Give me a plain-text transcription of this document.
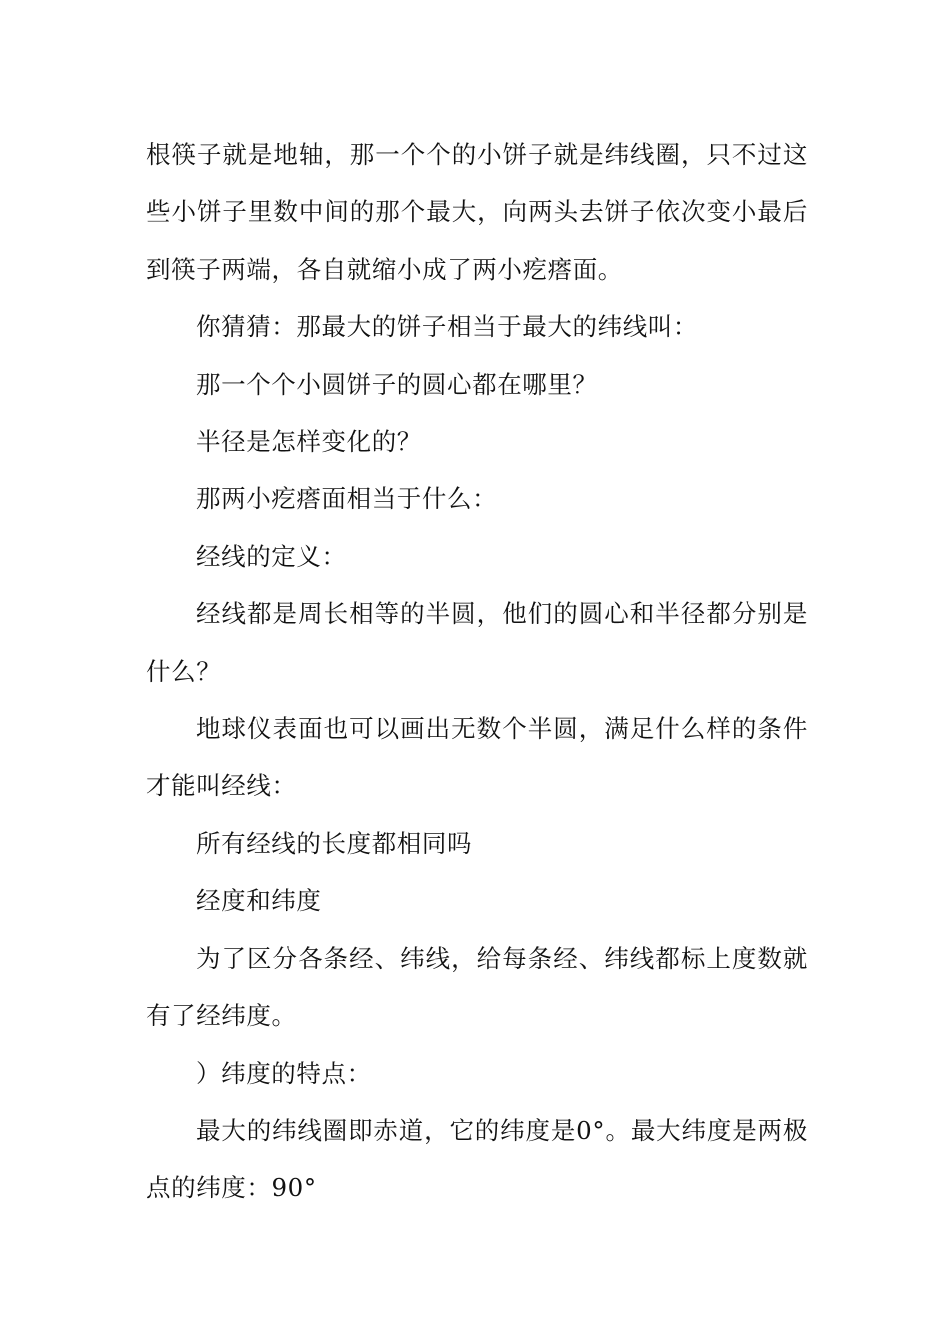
根筷子就是地轴，那一个个的小饼子就是纬线圈，只不过这些小饼子里数中间的那个最大，向两头去饼子依次变小最后到筷子两端，各自就缩小成了两小疙瘩面。

你猜猜：那最大的饼子相当于最大的纬线叫：

那一个个小圆饼子的圆心都在哪里？

半径是怎样变化的？

那两小疙瘩面相当于什么：

经线的定义：

经线都是周长相等的半圆，他们的圆心和半径都分别是什么？

地球仪表面也可以画出无数个半圆，满足什么样的条件才能叫经线：

所有经线的长度都相同吗

经度和纬度

为了区分各条经、纬线，给每条经、纬线都标上度数就有了经纬度。

）纬度的特点：

最大的纬线圈即赤道，它的纬度是0°。最大纬度是两极点的纬度：90°
